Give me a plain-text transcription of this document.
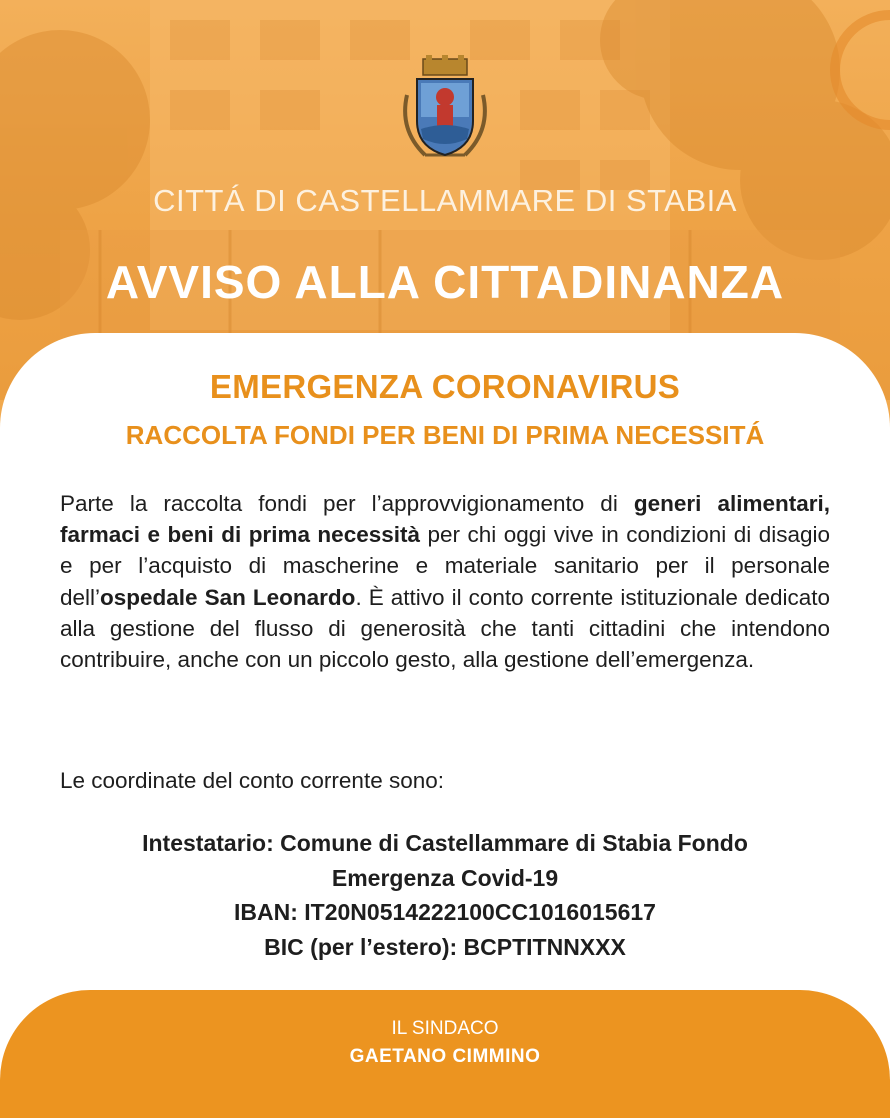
CITTÁ DI CASTELLAMMARE DI STABIA
AVVISO ALLA CITTADINANZA
EMERGENZA CORONAVIRUS
RACCOLTA FONDI PER BENI DI PRIMA NECESSITÁ
Parte la raccolta fondi per l’approvvigionamento di generi alimentari, farmaci e beni di prima necessità per chi oggi vive in condizioni di disagio e per l’acquisto di mascherine e materiale sanitario per il personale dell’ospedale San Leonardo. È attivo il conto corrente istituzionale dedicato alla gestione del flusso di generosità che tanti cittadini che intendono contribuire, anche con un piccolo gesto, alla gestione dell’emergenza.
Le coordinate del conto corrente sono:
Intestatario: Comune di Castellammare di Stabia Fondo
Emergenza Covid-19
IBAN: IT20N0514222100CC1016015617
BIC (per l’estero): BCPTITNNXXX
IL SINDACO
GAETANO CIMMINO
